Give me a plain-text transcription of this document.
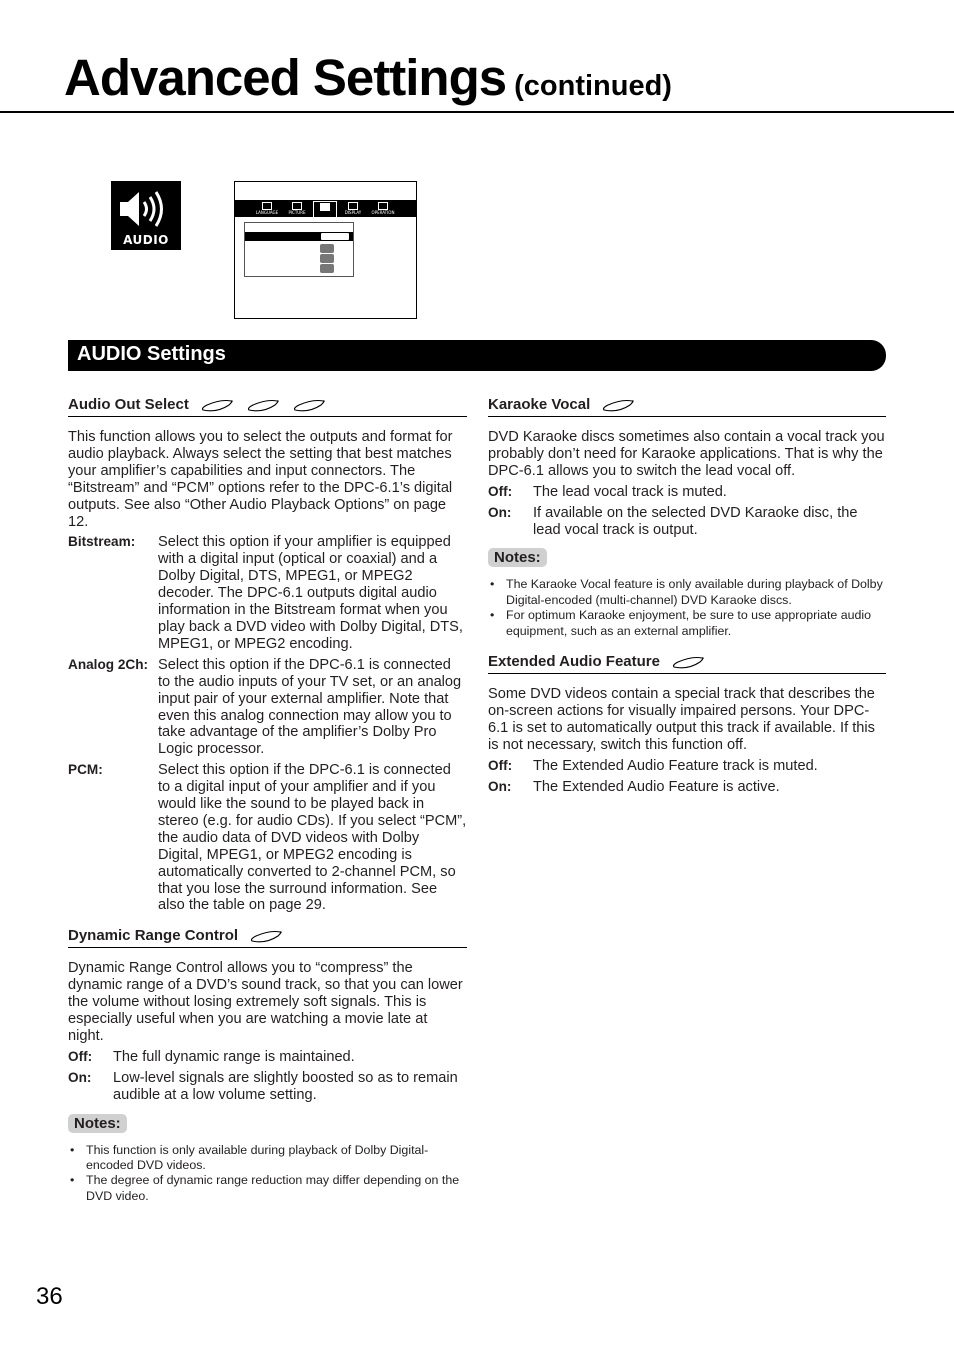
Advanced Settings (continued)
AUDIO
LANGUAGE	PICTURE	DISPLAY	OPERATION
AUDIO Settings
Audio Out Select

This function allows you to select the outputs and format for audio playback. Always select the setting that best matches your amplifier’s capabilities and input connectors. The “Bitstream” and “PCM” options refer to the DPC-6.1’s digital outputs. See also “Other Audio Playback Options” on page 12.

Bitstream:	Select this option if your amplifier is equipped with a digital input (optical or coaxial) and a Dolby Digital, DTS, MPEG1, or MPEG2 decoder. The DPC-6.1 outputs digital audio information in the Bitstream format when you play back a DVD video with Dolby Digital, DTS, MPEG1, or MPEG2 encoding.
Analog 2Ch: Select this option if the DPC-6.1 is connected to the audio inputs of your TV set, or an analog input pair of your external amplifier. Note that even this analog connection may allow you to take advantage of the amplifier’s Dolby Pro Logic processor.
PCM:	Select this option if the DPC-6.1 is connected to a digital input of your amplifier and if you would like the sound to be played back in stereo (e.g. for audio CDs). If you select “PCM”, the audio data of DVD videos with Dolby Digital, MPEG1, or MPEG2 encoding is automatically converted to 2-channel PCM, so that you lose the surround information. See also the table on page 29.
Dynamic Range Control

Dynamic Range Control allows you to “compress” the dynamic range of a DVD’s sound track, so that you can lower the volume without losing extremely soft signals. This is especially useful when you are watching a movie late at night.

Off:	The full dynamic range is maintained.
On:	Low-level signals are slightly boosted so as to remain audible at a low volume setting.
Notes:
• This function is only available during playback of Dolby Digital-encoded DVD videos.
• The degree of dynamic range reduction may differ depending on the DVD video.
Karaoke Vocal

DVD Karaoke discs sometimes also contain a vocal track you probably don’t need for Karaoke applications. That is why the DPC-6.1 allows you to switch the lead vocal off.

Off:	The lead vocal track is muted.
On:	If available on the selected DVD Karaoke disc, the lead vocal track is output.
Notes:
• The Karaoke Vocal feature is only available during playback of Dolby Digital-encoded (multi-channel) DVD Karaoke discs.
• For optimum Karaoke enjoyment, be sure to use appropriate audio equipment, such as an external amplifier.
Extended Audio Feature

Some DVD videos contain a special track that describes the on-screen actions for visually impaired persons. Your DPC-6.1 is set to automatically output this track if available. If this is not necessary, switch this function off.

Off:	The Extended Audio Feature track is muted.
On:	The Extended Audio Feature is active.
36
